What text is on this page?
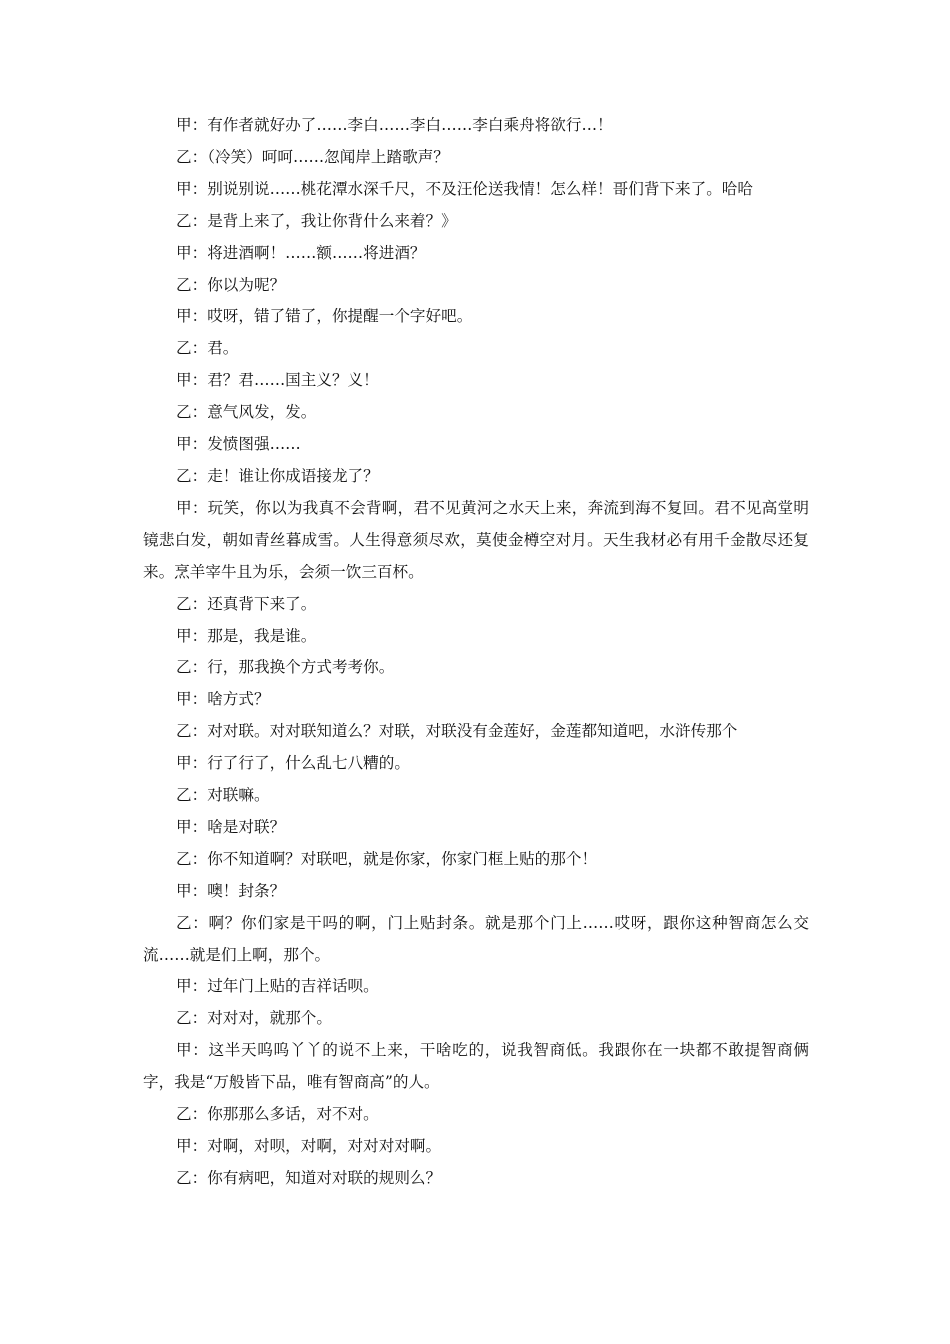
甲：有作者就好办了……李白……李白……李白乘舟将欲行…！

乙：（冷笑）呵呵……忽闻岸上踏歌声？

甲：别说别说……桃花潭水深千尺，不及汪伦送我情！怎么样！哥们背下来了。哈哈

乙：是背上来了，我让你背什么来着？》

甲：将进酒啊！……额……将进酒？

乙：你以为呢？

甲：哎呀，错了错了，你提醒一个字好吧。

乙：君。

甲：君？君……国主义？义！

乙：意气风发，发。

甲：发愤图强……

乙：走！谁让你成语接龙了？

甲：玩笑，你以为我真不会背啊，君不见黄河之水天上来，奔流到海不复回。君不见高堂明镜悲白发，朝如青丝暮成雪。人生得意须尽欢，莫使金樽空对月。天生我材必有用千金散尽还复来。烹羊宰牛且为乐，会须一饮三百杯。

乙：还真背下来了。

甲：那是，我是谁。

乙：行，那我换个方式考考你。

甲：啥方式？

乙：对对联。对对联知道么？对联，对联没有金莲好，金莲都知道吧，水浒传那个

甲：行了行了，什么乱七八糟的。

乙：对联嘛。

甲：啥是对联？

乙：你不知道啊？对联吧，就是你家，你家门框上贴的那个！

甲：噢！封条？

乙：啊？你们家是干吗的啊，门上贴封条。就是那个门上……哎呀，跟你这种智商怎么交流……就是们上啊，那个。

甲：过年门上贴的吉祥话呗。

乙：对对对，就那个。

甲：这半天呜呜丫丫的说不上来，干啥吃的，说我智商低。我跟你在一块都不敢提智商俩字，我是“万般皆下品，唯有智商高”的人。

乙：你那那么多话，对不对。

甲：对啊，对呗，对啊，对对对对啊。

乙：你有病吧，知道对对联的规则么？
